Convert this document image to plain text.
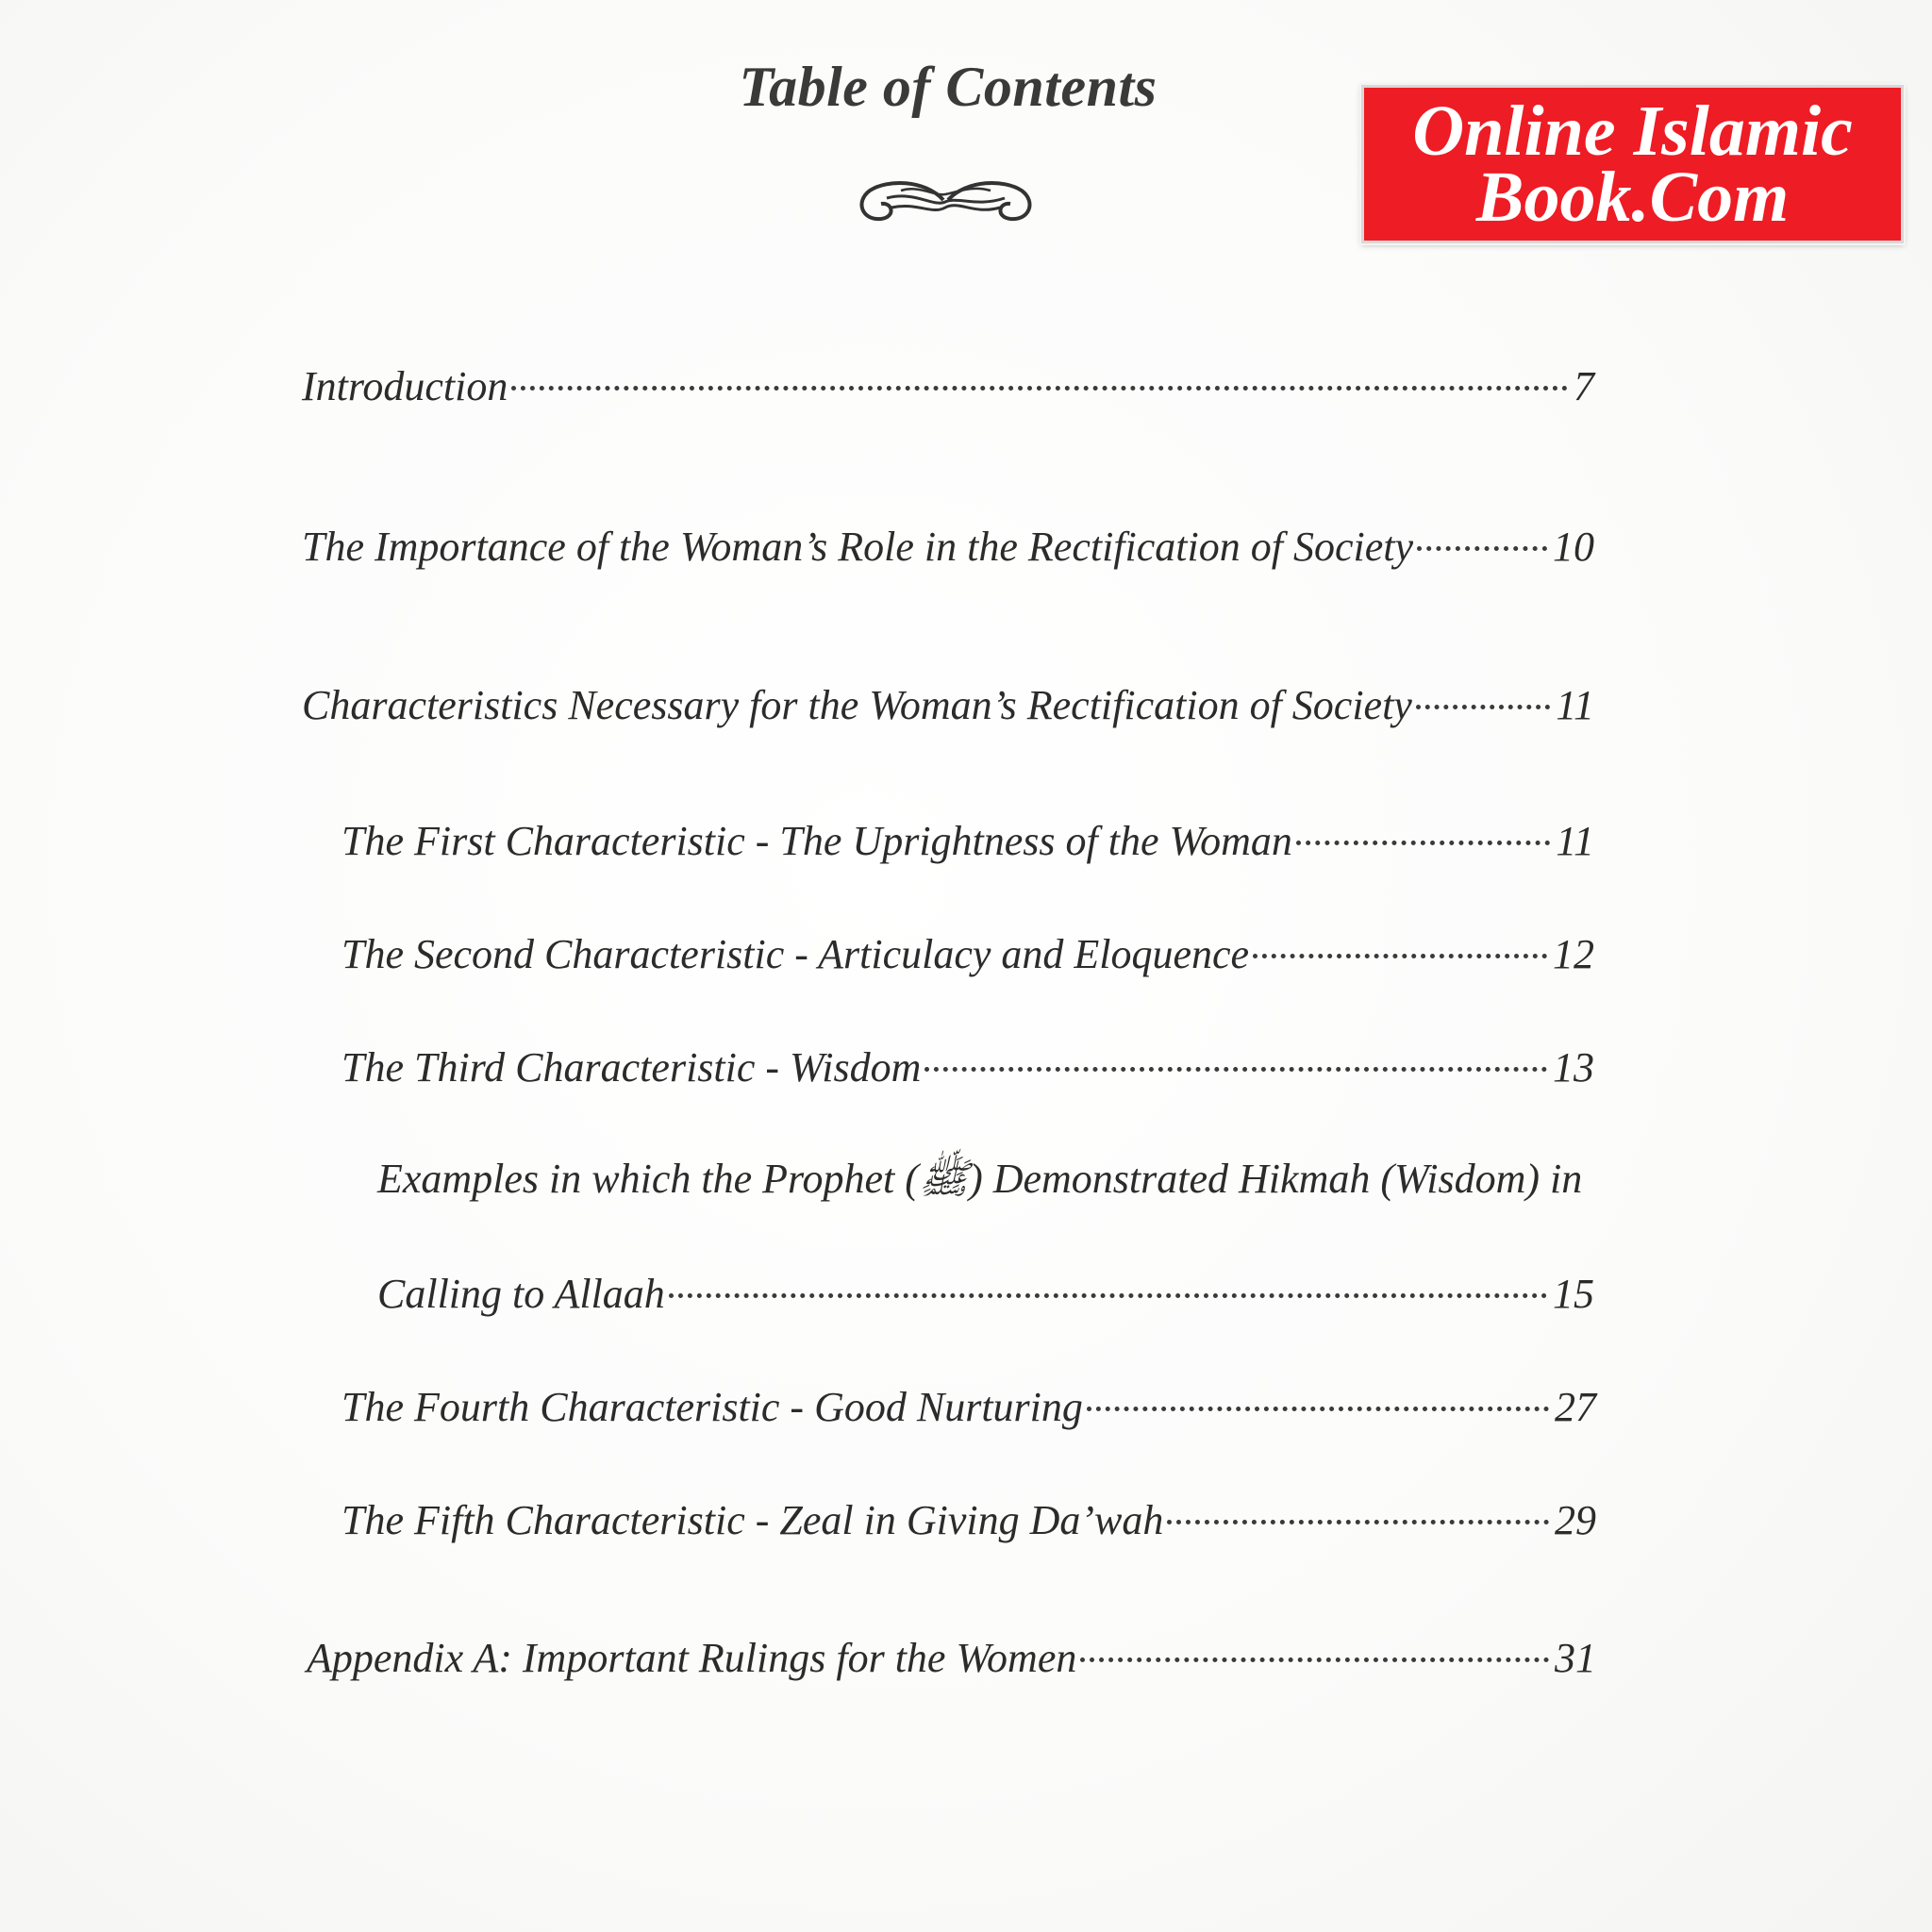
Table of Contents
Online Islamic
Book.Com
Introduction	7
The Importance of the Woman’s Role in the Rectification of Society	10
Characteristics Necessary for the Woman’s Rectification of Society	11
The First Characteristic - The Uprightness of the Woman	11
The Second Characteristic - Articulacy and Eloquence	12
The Third Characteristic - Wisdom	13
Examples in which the Prophet (ﷺ) Demonstrated Hikmah (Wisdom) in
Calling to Allaah	15
The Fourth Characteristic - Good Nurturing	27
The Fifth Characteristic - Zeal in Giving Da’wah	29
Appendix A: Important Rulings for the Women	31
